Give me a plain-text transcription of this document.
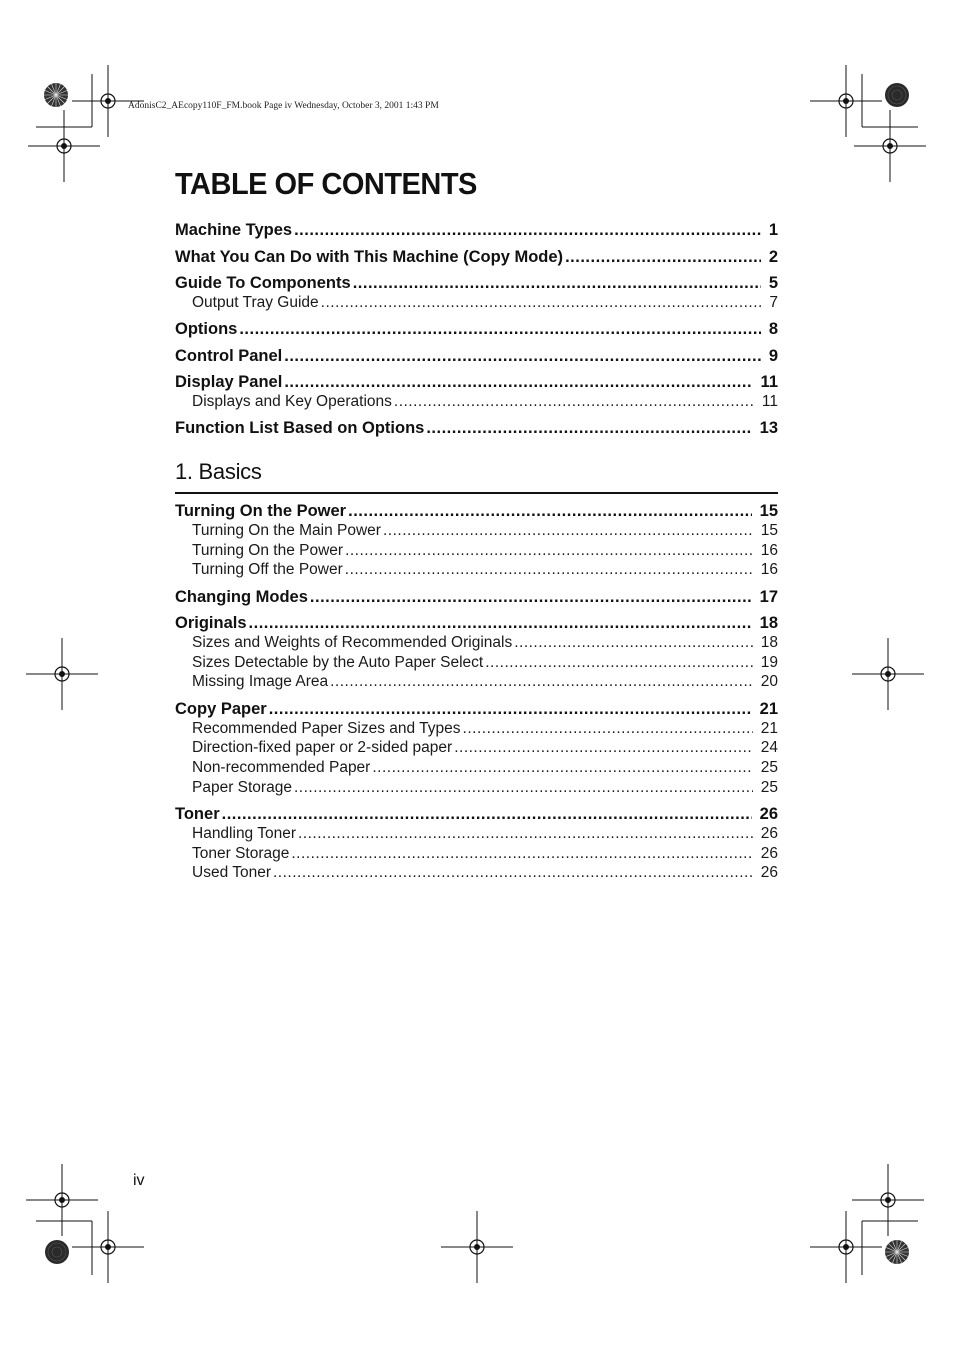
AdonisC2_AEcopy110F_FM.book Page iv Wednesday, October 3, 2001 1:43 PM
TABLE OF CONTENTS
Machine Types .....	1
What You Can Do with This Machine (Copy Mode) .....	2
Guide To Components .....	5
Output Tray Guide .....	7
Options .....	8
Control Panel .....	9
Display Panel .....	11
Displays and Key Operations .....	11
Function List Based on Options .....	13
1. Basics
Turning On the Power .....	15
Turning On the Main Power .....	15
Turning On the Power .....	16
Turning Off the Power .....	16
Changing Modes .....	17
Originals .....	18
Sizes and Weights of Recommended Originals .....	18
Sizes Detectable by the Auto Paper Select .....	19
Missing Image Area .....	20
Copy Paper .....	21
Recommended Paper Sizes and Types .....	21
Direction-fixed paper or 2-sided paper .....	24
Non-recommended Paper .....	25
Paper Storage .....	25
Toner .....	26
Handling Toner .....	26
Toner Storage .....	26
Used Toner .....	26
iv
